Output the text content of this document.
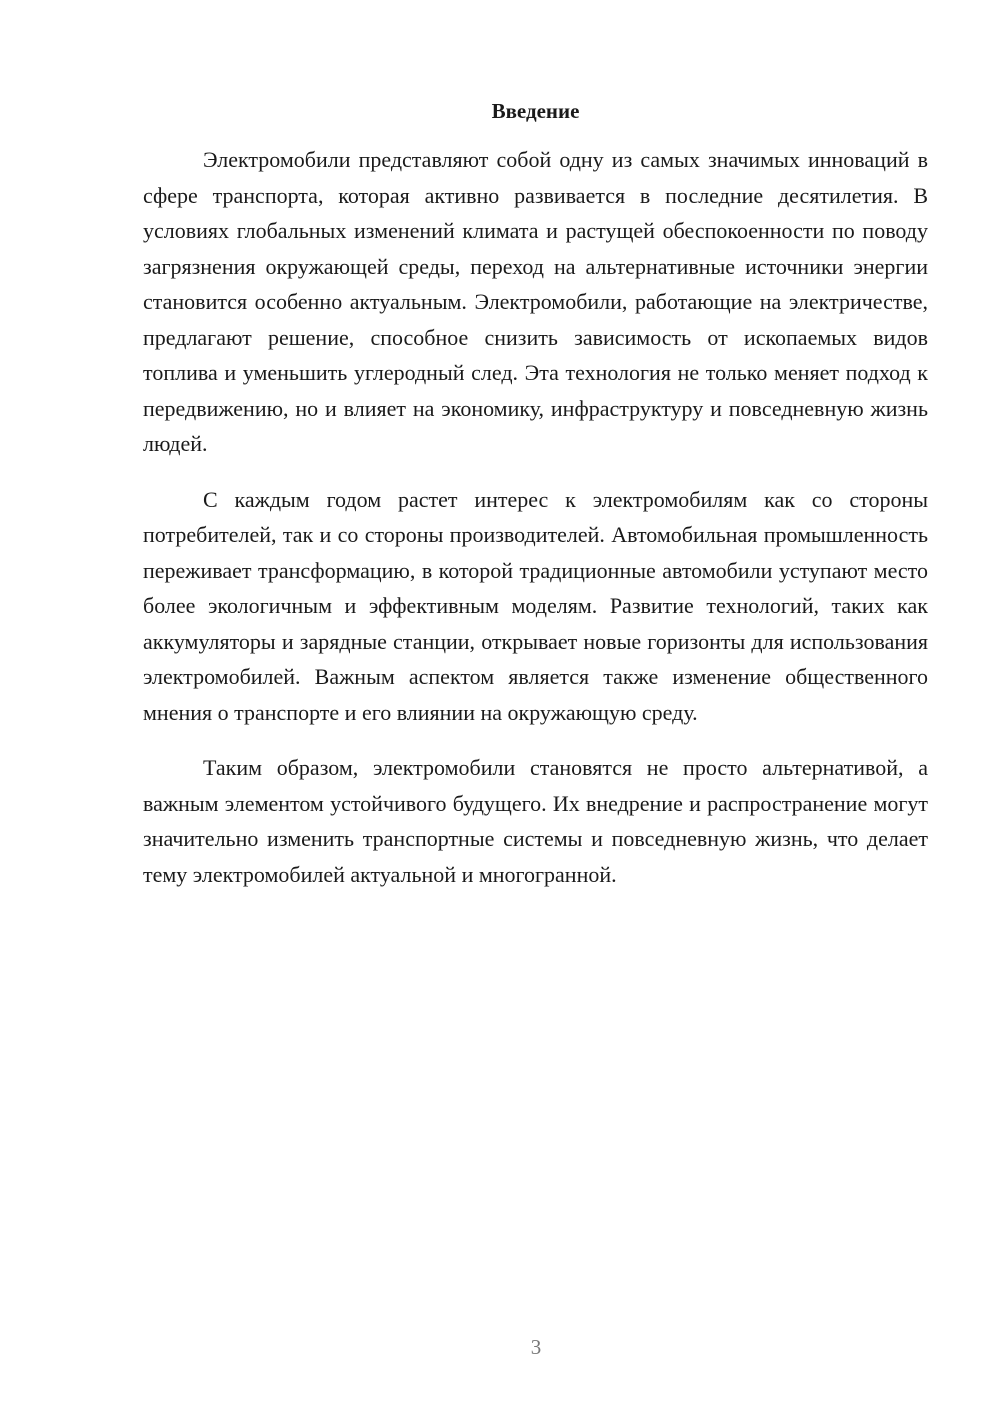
Введение

Электромобили представляют собой одну из самых значимых инноваций в сфере транспорта, которая активно развивается в последние десятилетия. В условиях глобальных изменений климата и растущей обеспокоенности по поводу загрязнения окружающей среды, переход на альтернативные источники энергии становится особенно актуальным. Электромобили, работающие на электричестве, предлагают решение, способное снизить зависимость от ископаемых видов топлива и уменьшить углеродный след. Эта технология не только меняет подход к передвижению, но и влияет на экономику, инфраструктуру и повседневную жизнь людей.

С каждым годом растет интерес к электромобилям как со стороны потребителей, так и со стороны производителей. Автомобильная промышленность переживает трансформацию, в которой традиционные автомобили уступают место более экологичным и эффективным моделям. Развитие технологий, таких как аккумуляторы и зарядные станции, открывает новые горизонты для использования электромобилей. Важным аспектом является также изменение общественного мнения о транспорте и его влиянии на окружающую среду.

Таким образом, электромобили становятся не просто альтернативой, а важным элементом устойчивого будущего. Их внедрение и распространение могут значительно изменить транспортные системы и повседневную жизнь, что делает тему электромобилей актуальной и многогранной.

3
